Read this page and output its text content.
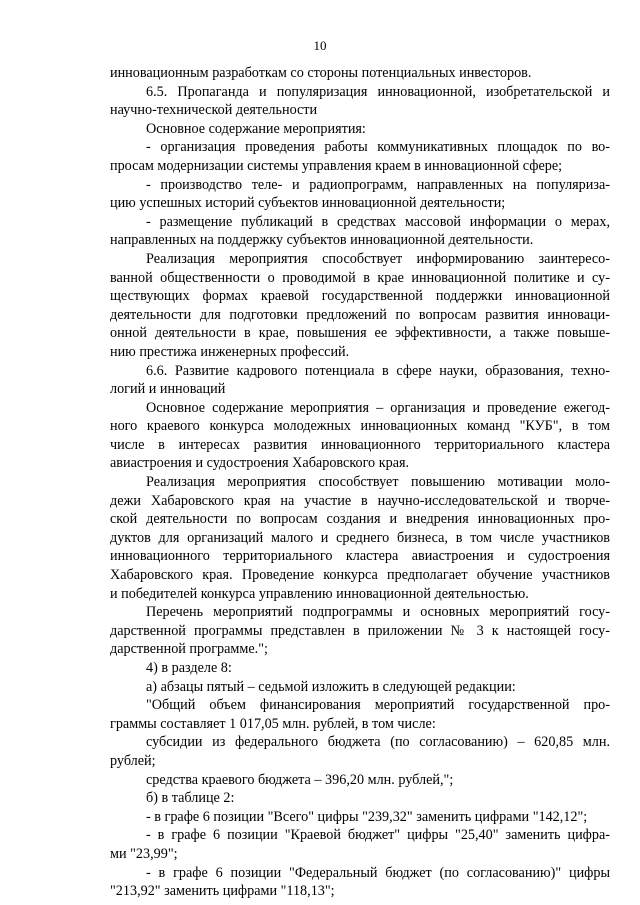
10
инновационным разработкам со стороны потенциальных инвесторов.
6.5. Пропаганда и популяризация инновационной, изобретательской и
научно-технической деятельности
Основное содержание мероприятия:
- организация проведения работы коммуникативных площадок по во-
просам модернизации системы управления краем в инновационной сфере;
- производство теле- и радиопрограмм, направленных на популяриза-
цию успешных историй субъектов инновационной деятельности;
- размещение публикаций в средствах массовой информации о мерах,
направленных на поддержку субъектов инновационной деятельности.
Реализация мероприятия способствует информированию заинтересо-
ванной общественности о проводимой в крае инновационной политике и су-
ществующих формах краевой государственной поддержки инновационной
деятельности для подготовки предложений по вопросам развития инноваци-
онной деятельности в крае, повышения ее эффективности, а также повыше-
нию престижа инженерных профессий.
6.6. Развитие кадрового потенциала в сфере науки, образования, техно-
логий и инноваций
Основное содержание мероприятия – организация и проведение ежегод-
ного краевого конкурса молодежных инновационных команд "КУБ", в том
числе в интересах развития инновационного территориального кластера
авиастроения и судостроения Хабаровского края.
Реализация мероприятия способствует повышению мотивации моло-
дежи Хабаровского края на участие в научно-исследовательской и творче-
ской деятельности по вопросам создания и внедрения инновационных про-
дуктов для организаций малого и среднего бизнеса, в том числе участников
инновационного территориального кластера авиастроения и судостроения
Хабаровского края. Проведение конкурса предполагает обучение участников
и победителей конкурса управлению инновационной деятельностью.
Перечень мероприятий подпрограммы и основных мероприятий госу-
дарственной программы представлен в приложении № 3 к настоящей госу-
дарственной программе.";
4) в разделе 8:
а) абзацы пятый – седьмой изложить в следующей редакции:
"Общий объем финансирования мероприятий государственной про-
граммы составляет 1 017,05 млн. рублей, в том числе:
субсидии из федерального бюджета (по согласованию) – 620,85 млн.
рублей;
средства краевого бюджета – 396,20 млн. рублей,";
б) в таблице 2:
- в графе 6 позиции "Всего" цифры "239,32" заменить цифрами "142,12";
- в графе 6 позиции "Краевой бюджет" цифры "25,40" заменить цифра-
ми "23,99";
- в графе 6 позиции "Федеральный бюджет (по согласованию)" цифры
"213,92" заменить цифрами "118,13";
